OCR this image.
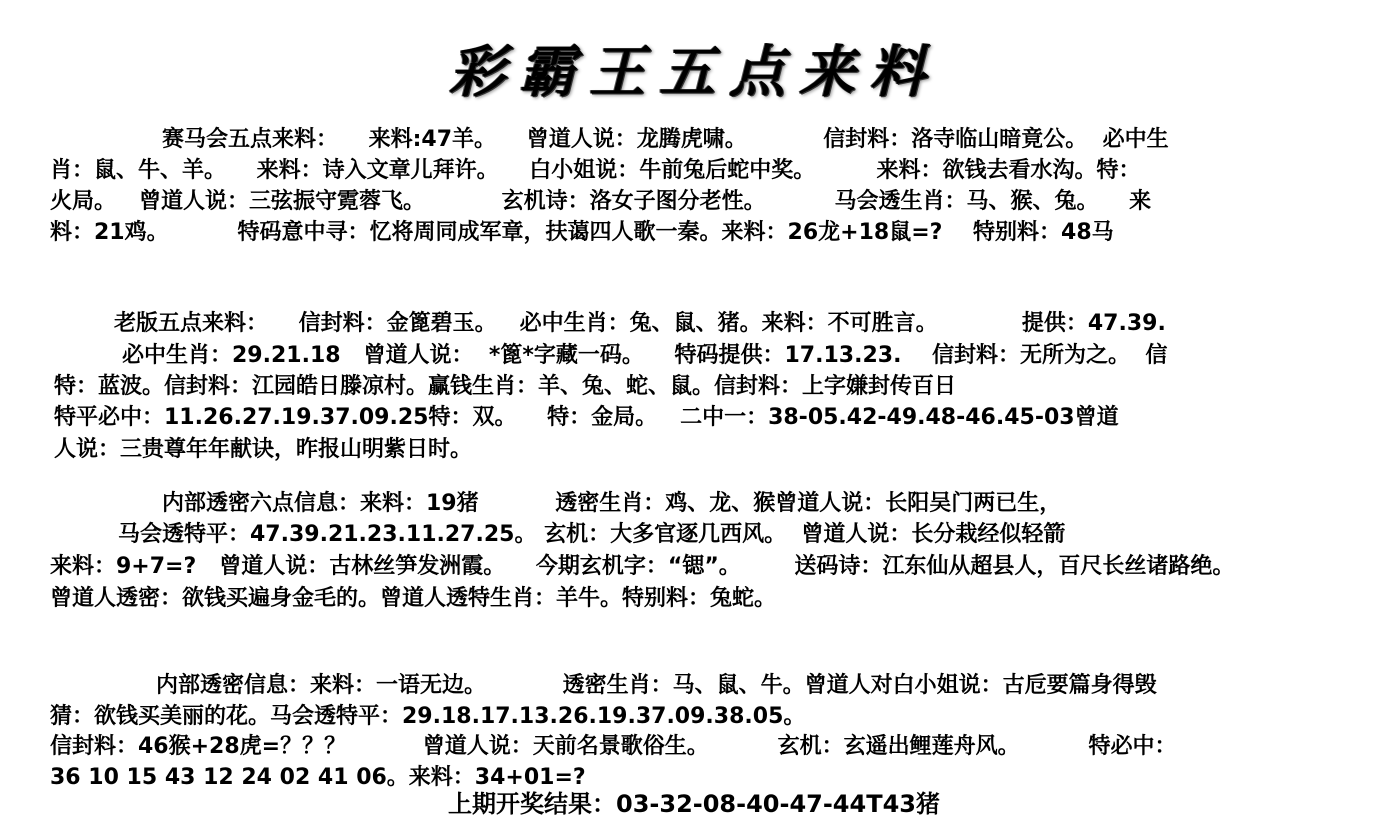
彩霸王五点来料
赛马会五点来料：    来料:47羊。    曾道人说：龙腾虎啸。          信封料：洛寺临山暗竟公。  必中生
肖：鼠、牛、羊。    来料：诗入文章儿拜许。    白小姐说：牛前兔后蛇中奖。        来料：欲钱去看水沟。特：
火局。   曾道人说：三弦振守霓蓉飞。          玄机诗：洛女子图分老性。         马会透生肖：马、猴、兔。    来
料：21鸡。         特码意中寻：忆将周同成军章，扶蔼四人歌一秦。来料：26龙+18鼠=?    特别料：48马
老版五点来料：    信封料：金篦碧玉。   必中生肖：兔、鼠、猪。来料：不可胜言。           提供：47.39.
必中生肖：29.21.18   曾道人说：  *篦*字藏一码。    特码提供：17.13.23.    信封料：无所为之。  信
特：蓝波。信封料：江园皓日滕凉村。赢钱生肖：羊、兔、蛇、鼠。信封料：上字嫌封传百日
特平必中：11.26.27.19.37.09.25特：双。    特：金局。   二中一：38-05.42-49.48-46.45-03曾道
人说：三贵尊年年献诀，昨报山明紫日时。
内部透密六点信息：来料：19猪          透密生肖：鸡、龙、猴曾道人说：长阳吴门两已生，
马会透特平：47.39.21.23.11.27.25。 玄机：大多官逐几西风。  曾道人说：长分栽经似轻箭
来料：9+7=?   曾道人说：古林丝笋发洲霞。    今期玄机字：“锶”。       送码诗：江东仙从超县人，百尺长丝诸路绝。
曾道人透密：欲钱买遍身金毛的。曾道人透特生肖：羊牛。特别料：兔蛇。
内部透密信息：来料：一语无边。          透密生肖：马、鼠、牛。曾道人对白小姐说：古卮要篇身得毁
猜：欲钱买美丽的花。马会透特平：29.18.17.13.26.19.37.09.38.05。
信封料：46猴+28虎=？？？          曾道人说：天前名景歌俗生。         玄机：玄遥出鲤莲舟风。         特必中：
36 10 15 43 12 24 02 41 06。来料：34+01=?
上期开奖结果：03-32-08-40-47-44T43猪
